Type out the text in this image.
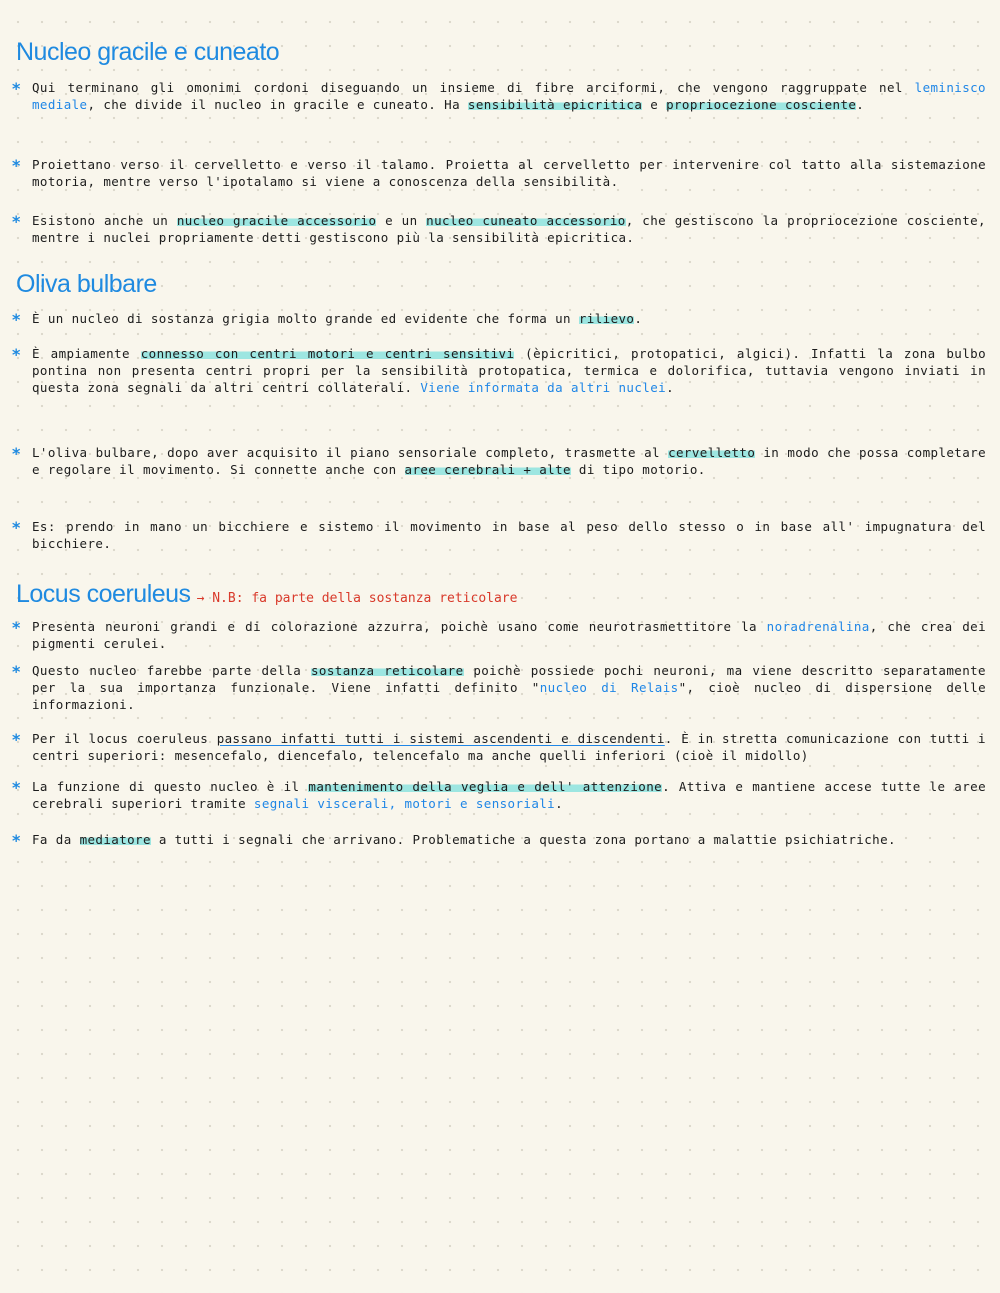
Nucleo gracile e cuneato
* Qui terminano gli omonimi cordoni diseguando un insieme di fibre arciformi, che vengono raggruppate nel leminisco mediale, che divide il nucleo in gracile e cuneato. Ha sensibilità epicritica e propriocezione cosciente.
* Proiettano verso il cervelletto e verso il talamo. Proietta al cervelletto per intervenire col tatto alla sistemazione motoria, mentre verso l'ipotalamo si viene a conoscenza della sensibilità.
* Esistono anche un nucleo gracile accessorio e un nucleo cuneato accessorio, che gestiscono la propriocezione cosciente, mentre i nuclei propriamente detti gestiscono più la sensibilità epicritica.
Oliva bulbare
* È un nucleo di sostanza grigia molto grande ed evidente che forma un rilievo.
* È ampiamente connesso con centri motori e centri sensitivi (èpicritici, protopatici, algici). Infatti la zona bulbo pontina non presenta centri propri per la sensibilità protopatica, termica e dolorifica, tuttavia vengono inviati in questa zona segnali da altri centri collaterali. Viene informata da altri nuclei.
* L'oliva bulbare, dopo aver acquisito il piano sensoriale completo, trasmette al cervelletto in modo che possa completare e regolare il movimento. Si connette anche con aree cerebrali + alte di tipo motorio.
* Es: prendo in mano un bicchiere e sistemo il movimento in base al peso dello stesso o in base all' impugnatura del bicchiere.
Locus coeruleus → N.B: fa parte della sostanza reticolare
* Presenta neuroni grandi e di colorazione azzurra, poichè usano come neurotrasmettitore la noradrenalina, che crea dei pigmenti cerulei.
* Questo nucleo farebbe parte della sostanza reticolare poichè possiede pochi neuroni, ma viene descritto separatamente per la sua importanza funzionale. Viene infatti definito "nucleo di Relais", cioè nucleo di dispersione delle informazioni.
* Per il locus coeruleus passano infatti tutti i sistemi ascendenti e discendenti. È in stretta comunicazione con tutti i centri superiori: mesencefalo, diencefalo, telencefalo ma anche quelli inferiori (cioè il midollo)
* La funzione di questo nucleo è il mantenimento della veglia e dell' attenzione. Attiva e mantiene accese tutte le aree cerebrali superiori tramite segnali viscerali, motori e sensoriali.
* Fa da mediatore a tutti i segnali che arrivano. Problematiche a questa zona portano a malattie psichiatriche.
